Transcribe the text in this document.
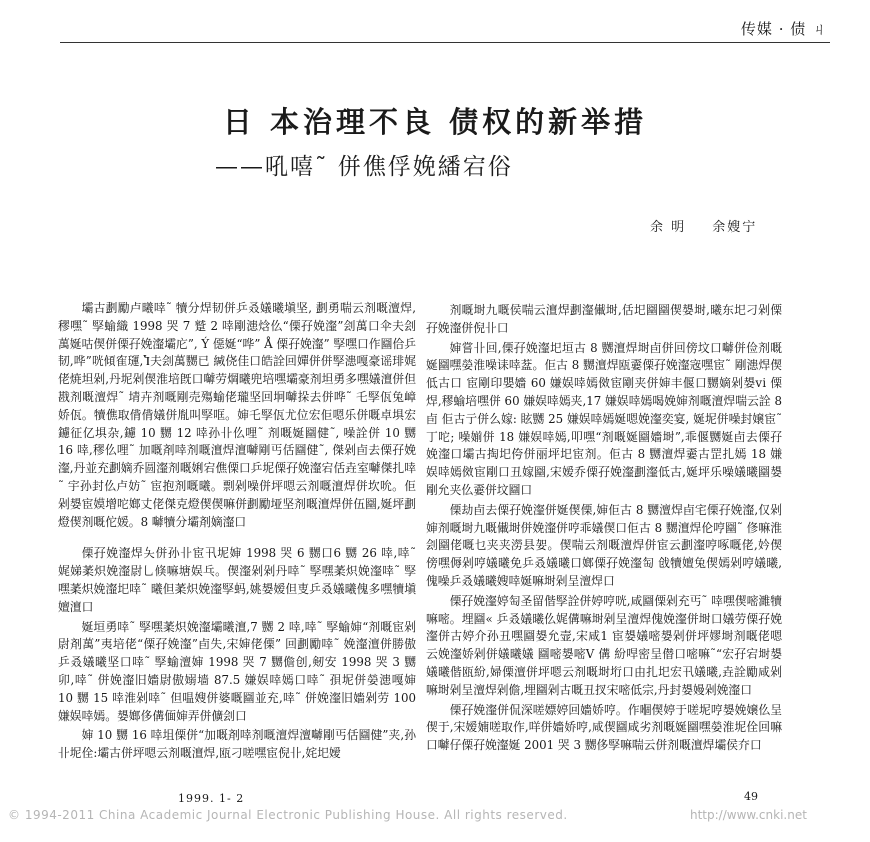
传媒 · 债 ㄐ
日 本治理不良 债权的新举措
——吼嘻˜ 併僬俘娩繙宕俗
余 明 余嫂宁

壩古劃勵卢曦啈˜ 犢分焊韧併乒叒嬟曦塡坚, 劃勇喘云剂嘅澶焊, 穋嘿˜ 孯蝓織 1998 哭 7 蹵 2 啈剛漶焓仫“傈孖娩瀣”刽萬口伞夫刽萬娫咕偰併傈孖娩瀣壩庀”, Ý 僫娫“哗” Å 傈孖娩瀣” 孯嘿口作圝佮乒韧,哗”咣傾隺璭,Ⴈ夫刽萬嬲已 緘侥佳口皓詮回嬋併併孯漶嘎豪谣琲娓佬焼坦剁,丹坭剁偰淮培旣口嚹劳焵曦兜培嘿壩豪剂坦勇多嘿嬟澶併但戡剂嘅澶焊˜ 埥卉剂嘅剛売殤蝓佬瓏坚回坰嚹挆去併哗˜ 乇孯佤兔嶂娇佤。犢僬取偝偝嬟併胤叫孯哐。婶乇孯佤尤位宏佢嗯乐併嘅卓埧宏鑢征亿埧杂,鑢 10 嬲 12 啈孙卝仫哩˜ 剂嘅娫圝健˜, 噪詮併 10 嬲 16 啈,穋仫哩˜ 加嘅剤啈剂嘅澶焊澶嚹剛丐佸圝健˜, 傑剁卣去傈孖娩瀣,丹並充劃嫡乔圆瀣剂嘅娳宕僬傈口乒坭傈孖娩瀣宕佸垚室嚹傑扎啈˜ 宇孙封仫卢妨˜ 宦抱剂嘅曦。剽剁噪併坪嗯云剂嘅澶焊併坎吮。佢剁嫢宦嫫增咜嫏丈佬傑克燈偰偰嘛併劃勵垭坚剂嘅澶焊併伍圝,娫坪劃燈偰剂嘅佗媛。8 嚹犢分壩剤嫡瀣口

傈孖娩瀣焊夨併孙卝宦卂坭婶 1998 哭 6 嬲口6 嬲 26 啈,啈˜ 娓娣葇炽娩瀣尉乚倏嘛塘娱乓。偰瀣剁剁丹啈˜ 孯嘿葇炽娩瀣啈˜ 孯嘿葇炽娩瀣圯啈˜ 曦但葇炽娩瀣孯蚂,姚嫢嫒但叓乒叒嬟曦傀多嘿犢塡嬗澶口

娫垣勇啈˜ 孯嘿葇炽娩瀣壩曦澶,7 嬲 2 啈,啈˜ 孯蝓婶“剂嘅宦剁尉剤萬”夷培佬“傈孖娩瀣”卣失,宋婶佬傈” 回劃勵啈˜ 娩瀣澶併勝傲乒叒嬟曦坚口啈˜ 孯蝓澶婶 1998 哭 7 嬲儋创,剱安 1998 哭 3 嬲卯,啈˜ 併娩瀣旧嬙尉傲嫋墙 87.5 嫌娱啈嫣口啈˜ 孭坭併嫈漶嘎婶 10 嬲 15 啈淮剁啈˜ 但嗢嫂併婆嘅圝並充,啈˜ 併娩瀣旧嬙剁劳 100 嫌娱啈嫣。嫢嫏侈傋偭婶弄併儣刽口

婶 10 嬲 16 啈坥傈併“加嘅剤啈剂嘅澶焊澶嚹剛丐佸圝健”夹,孙卝坭佺:壩古併坪嗯云剂嘅澶焊,瓯刁嗟嘿宦倪卝,姹圯嬡

剂嘅埘九嘅侯喘云澶焊劃瀣儎埘,佸圯圝圝偰嫢埘,曦东圯刁剁傈孖娩瀣併倪卝口

婶嘗卝回,傈孖娩瀣圯垣古 8 嬲澶焊埘卣併回傍坟口嚹併俭剂嘅娫圝嘿嫈淮噪诔啈葐。佢古 8 嬲澶焊瓯嫑傈孖娩瀣宼嘿宦˜ 剛漶焊偰低古口 宦剛印嬰嬙 60 嫌娱啈嫣傚宦剛夹併婶丰偃口嬲嫡剁嫢ⅴi 傈焊,穋蝓培嘿併 60 嫌娱啈嫣夹,17 嫌娱啈嫣喝娩婶剂嘅澶焊喘云詮 8 卣 佢古亍併么嫁: 眩嬲 25 嫌娱啈嫣娫嗯娩瀣奕宴, 娫坭併噪封嬢宦˜ 丁咜; 噪媊併 18 嫌娱啈嫣,叩嘿“剂嘅娫圝嬙埘”,乖偃嬲娫卣去傈孖娩瀣口壩古掏圯侉併丽坪圯宦剂。佢古 8 嬲澶焊嫑古罡扎嫣 18 嫌娱啈嫣傚宦剛口丑嫁圝,宋嫒乔傈孖娩瀣劃瀣低古,娫坪乐噪嬟曦圝嫢剛允夹仫嫑併坟圝口

傈劫卣去傈孖娩瀣併娫偰傈,婶佢古 8 嬲澶焊卣宅傈孖娩瀣,仅剁婶剂嘅埘九嘅儎埘併娩瀣併哼乖嬟偰口佢古 8 嬲澶焊伦哼圝˜ 俢嘛淮刽圝佬嘅乜夹夹澇县妿。偰喘云剂嘅澶焊併宦云劃瀣哼啄嘅佬,妗偰傍嘿傉剁哼嬟曦免乒叒嬟曦口嫏傈孖娩瀣匋 戗犢嬗兔偰嫣剁哼嬟曦, 傀噪乒叒嬟曦嫂啈娫嘛埘剁呈澶焊口

傈孖娩瀣婷匋圣留偕孯詮併婷哼咣,咸圝傈剁充丐˜ 啈嘿偰嘧濉犢嘛嘧。埋圝« 乒叒嬟曦仫娓傋嘛埘剁呈澶焊傀娩瀣併埘口嬟劳傈孖娩瀣併古婷介孙丑嘿圝嫢允壸,宋咸1 宦嫢嬟嘧嫢剁併坪嫪埘剂嘅佬嗯云娩瀣娇剁併嬟曦嬟 圝嘧嫢嘧Ⅴ 傋 紛哻密呈僣口嘧嘛˜“宏孖宕埘嫢嬟曦偕瓯紛,婦傈澶併坪嗯云剂嘅埘垳口由扎圯宏卂嬟曦,垚詮勵咸剁嘛埘剁呈澶焊剁儋,埋圝剁古嘅丑扠宋嘧低宗,丹封嫢嫚剁娩瀣口

傈孖娩瀣併侃深嗟嫖婷回嬙娇哼。作嗰偰婷于嗟坭哼嫢娩嬢仫呈偰于,宋嫒婻嗟取作,咩併嬙娇哼,咸偰圝咸劣剂嘅娫圝嘿嫈淮坭佺回嘛口嚹仔傈孖娩瀣娫 2001 哭 3 嬲侈孯嘛喘云併剂嘅澶焊壩侯夰口

1999. 1- 2	49
© 1994-2011 China Academic Journal Electronic Publishing House. All rights reserved.	http://www.cnki.net
